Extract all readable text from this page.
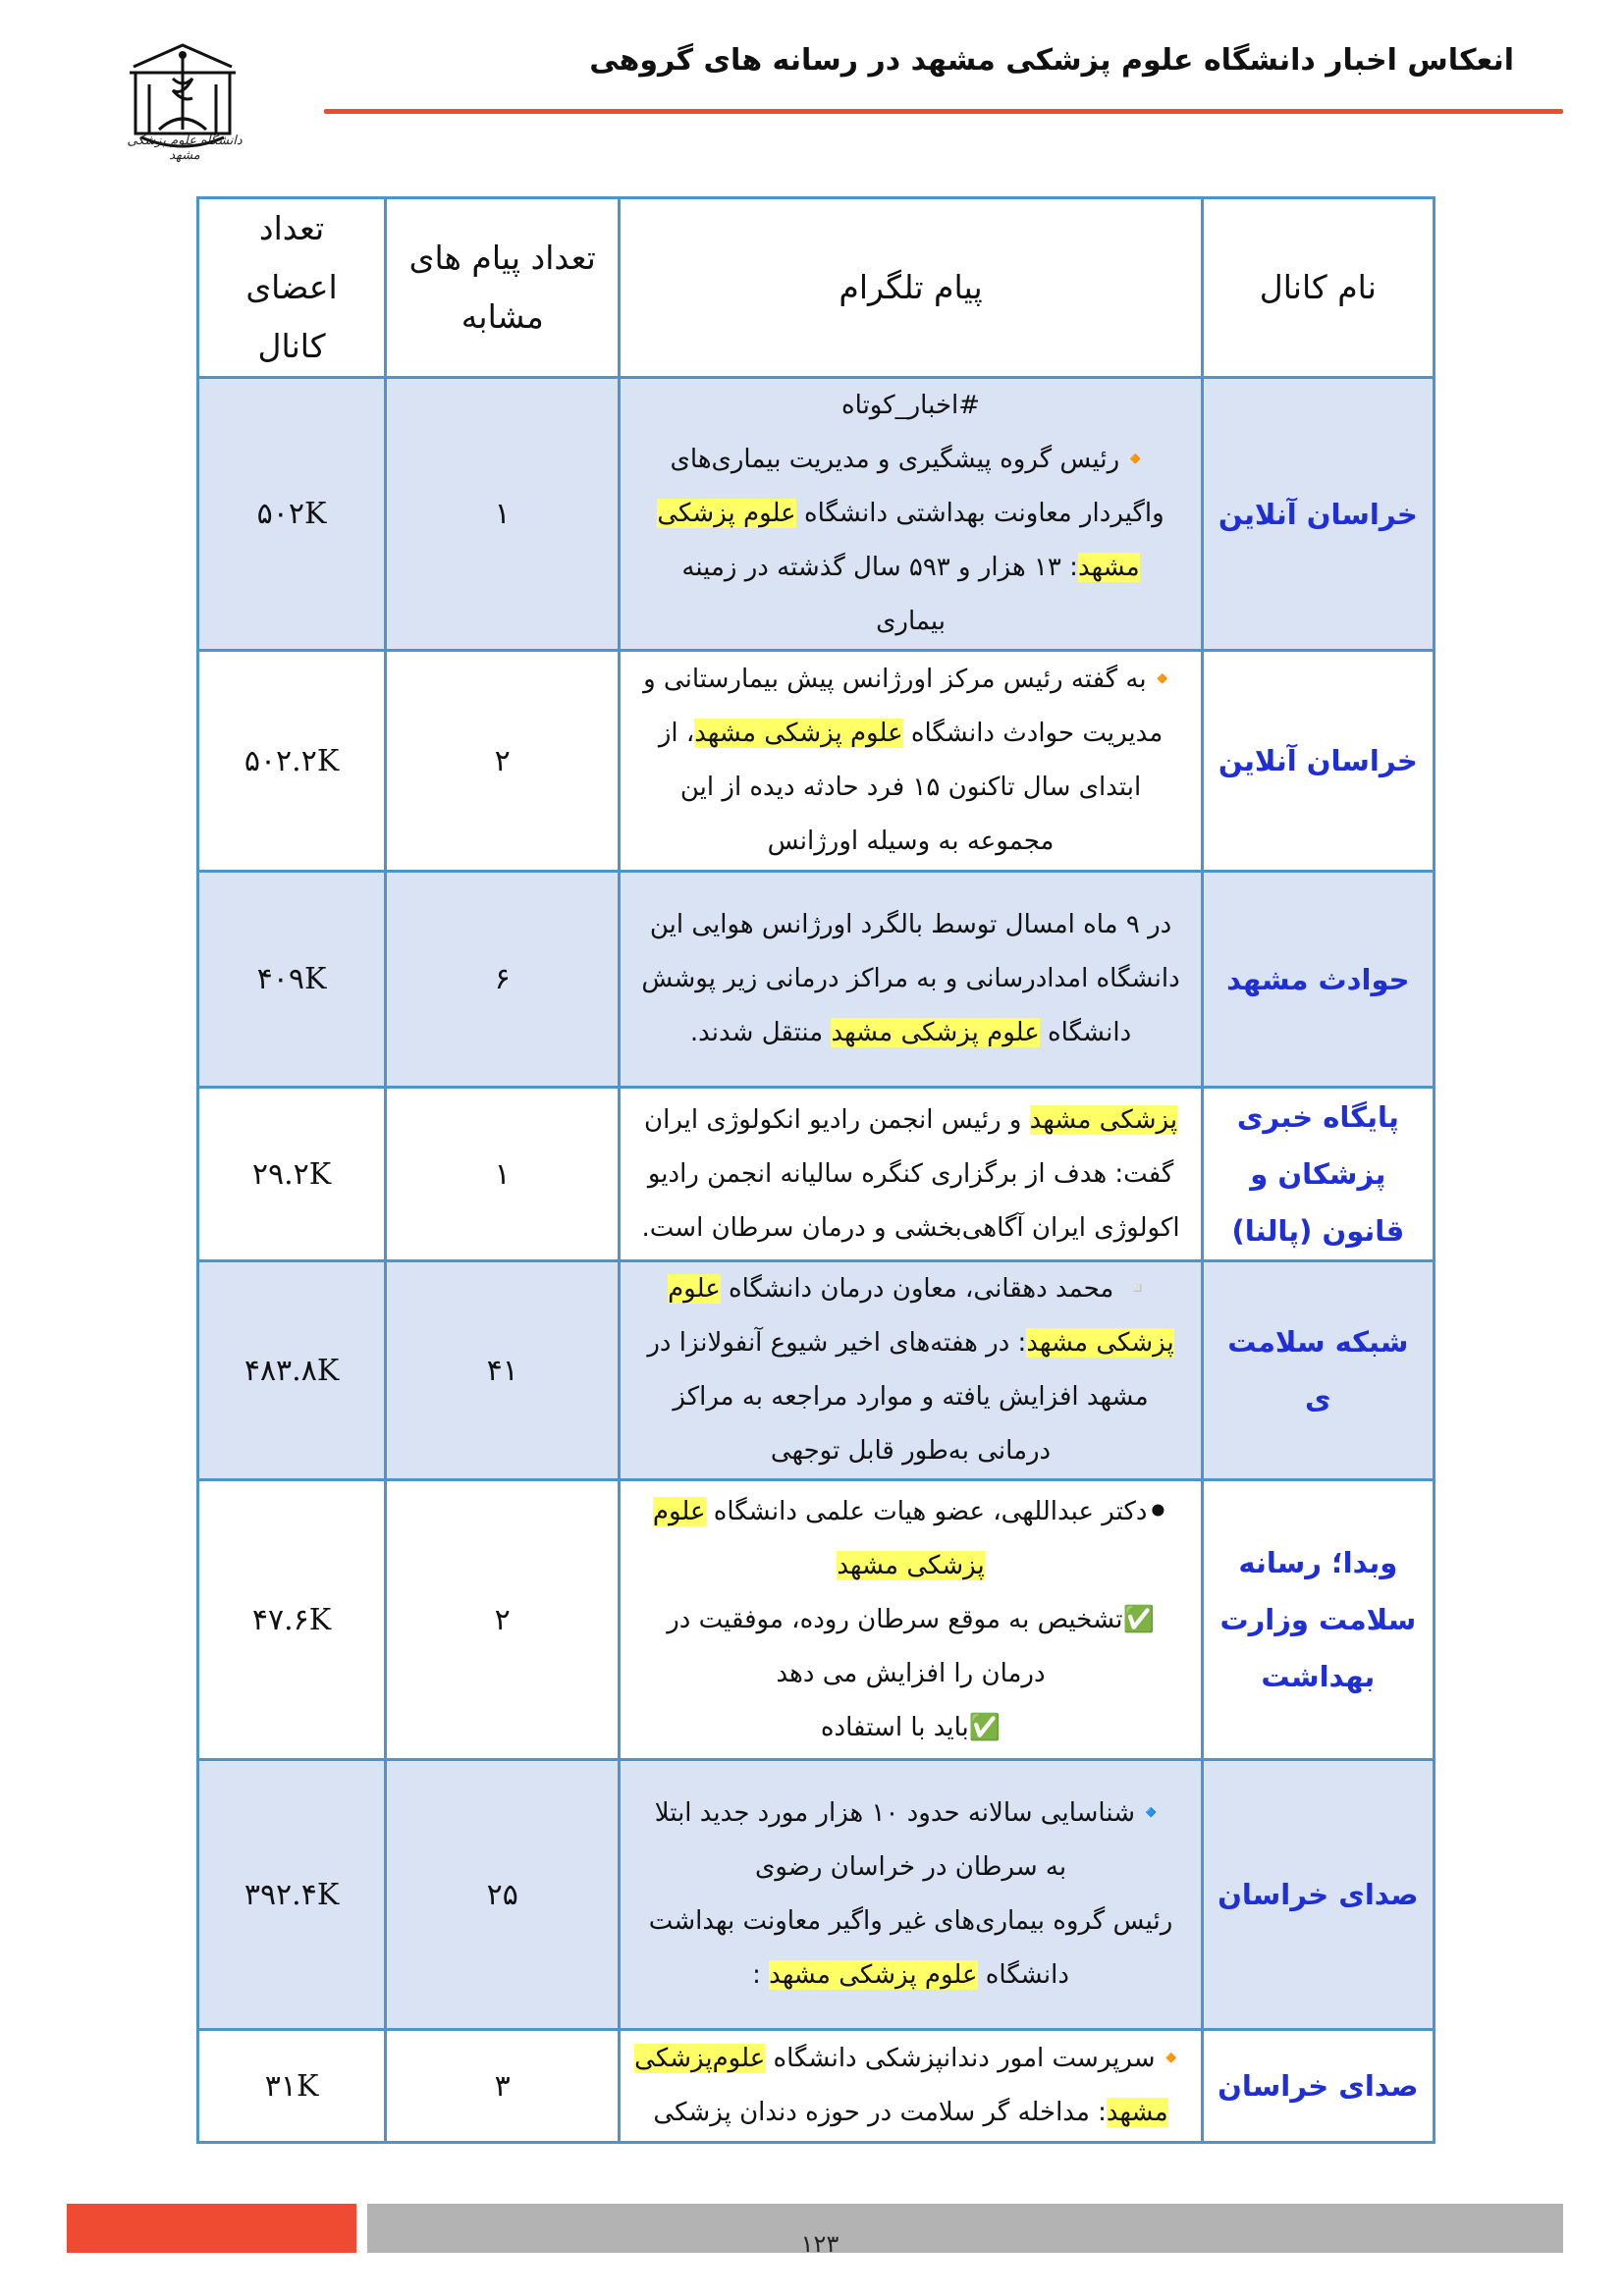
انعکاس اخبار دانشگاه علوم پزشکی مشهد در رسانه های گروهی
دانشگاه علوم پزشکی مشهد
نام کانال	پیام تلگرام	تعداد پیام های مشابه	تعداد اعضای کانال
خراسان آنلاین	#اخبار_کوتاه
🔸رئیس گروه پیشگیری و مدیریت بیماری‌های
واگیردار معاونت بهداشتی دانشگاه علوم پزشکی
مشهد: ۱۳ هزار و ۵۹۳ سال گذشته در زمینه
بیماری	۱	۵۰۲K
خراسان آنلاین	🔸به گفته رئیس مرکز اورژانس پیش بیمارستانی و
مدیریت حوادث دانشگاه علوم پزشکی مشهد، از
ابتدای سال تاکنون ۱۵ فرد حادثه دیده از این
مجموعه به وسیله اورژانس	۲	۵۰۲.۲K
حوادث مشهد	در ۹ ماه امسال توسط بالگرد اورژانس هوایی این
دانشگاه امدادرسانی و به مراکز درمانی زیر پوشش
دانشگاه علوم پزشکی مشهد منتقل شدند.	۶	۴۰۹K
پایگاه خبری پزشکان و قانون (پالنا)	پزشکی مشهد و رئیس انجمن رادیو انکولوژی ایران
گفت: هدف از برگزاری کنگره سالیانه انجمن رادیو
اکولوژی ایران آگاهی‌بخشی و درمان سرطان است.	۱	۲۹.۲K
شبکه سلامت ی	▫️ محمد دهقانی، معاون درمان دانشگاه علوم
پزشکی مشهد: در هفته‌های اخیر شیوع آنفولانزا در
مشهد افزایش یافته و موارد مراجعه به مراکز
درمانی به‌طور قابل توجهی	۴۱	۴۸۳.۸K
وبدا؛ رسانه سلامت وزارت بهداشت	⚫دکتر عبداللهی، عضو هیات علمی دانشگاه علوم
پزشکی مشهد
✅تشخیص به موقع سرطان روده، موفقیت در
درمان را افزایش می دهد
✅باید با استفاده	۲	۴۷.۶K
صدای خراسان	🔹شناسایی سالانه حدود ۱۰ هزار مورد جدید ابتلا
به سرطان در خراسان رضوی
رئیس گروه بیماری‌های غیر واگیر معاونت بهداشت
دانشگاه علوم پزشکی مشهد :	۲۵	۳۹۲.۴K
صدای خراسان	🔸سرپرست امور دندانپزشکی دانشگاه علوم‌پزشکی
مشهد: مداخله گر سلامت در حوزه دندان پزشکی	۳	۳۱K
۱۲۳
